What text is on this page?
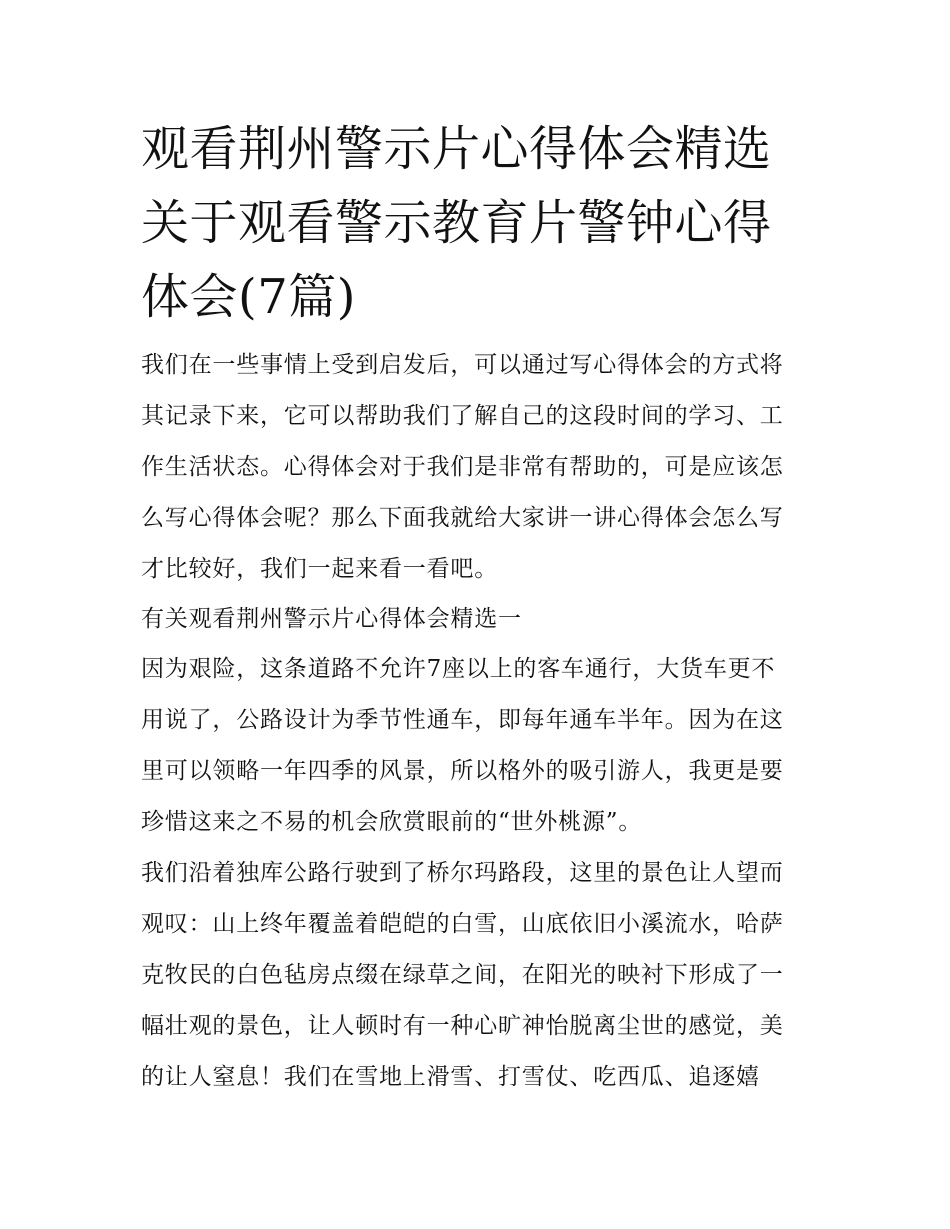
观看荆州警示片心得体会精选
关于观看警示教育片警钟心得
体会(7篇)

我们在一些事情上受到启发后，可以通过写心得体会的方式将
其记录下来，它可以帮助我们了解自己的这段时间的学习、工
作生活状态。心得体会对于我们是非常有帮助的，可是应该怎
么写心得体会呢？那么下面我就给大家讲一讲心得体会怎么写
才比较好，我们一起来看一看吧。

有关观看荆州警示片心得体会精选一

因为艰险，这条道路不允许7座以上的客车通行，大货车更不
用说了，公路设计为季节性通车，即每年通车半年。因为在这
里可以领略一年四季的风景，所以格外的吸引游人，我更是要
珍惜这来之不易的机会欣赏眼前的“世外桃源”。

我们沿着独库公路行驶到了桥尔玛路段，这里的景色让人望而
观叹：山上终年覆盖着皑皑的白雪，山底依旧小溪流水，哈萨
克牧民的白色毡房点缀在绿草之间，在阳光的映衬下形成了一
幅壮观的景色，让人顿时有一种心旷神怡脱离尘世的感觉，美
的让人窒息！我们在雪地上滑雪、打雪仗、吃西瓜、追逐嬉
